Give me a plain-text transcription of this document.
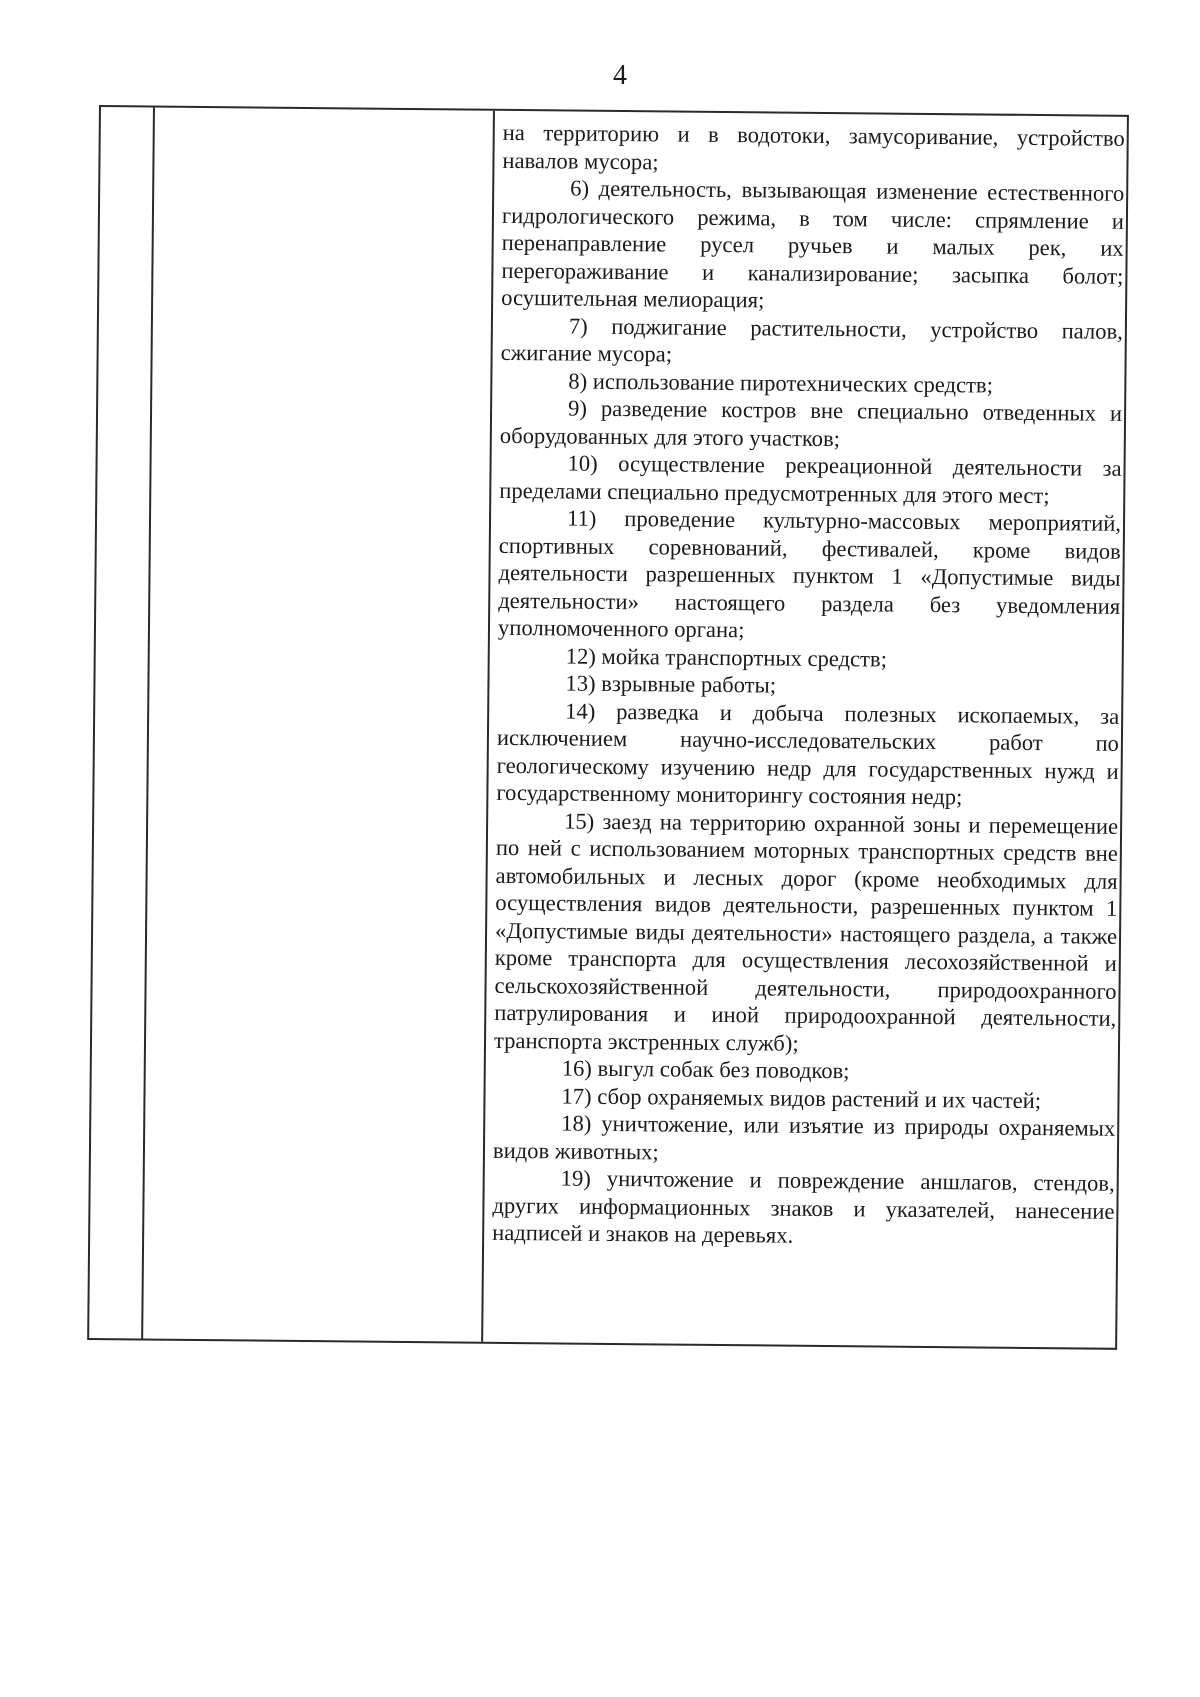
4

на территорию и в водотоки, замусоривание, устройство навалов мусора;

6) деятельность, вызывающая изменение естественного гидрологического режима, в том числе: спрямление и перенаправление русел ручьев и малых рек, их перегораживание и канализирование; засыпка болот; осушительная мелиорация;

7) поджигание растительности, устройство палов, сжигание мусора;

8) использование пиротехнических средств;

9) разведение костров вне специально отведенных и оборудованных для этого участков;

10) осуществление рекреационной деятельности за пределами специально предусмотренных для этого мест;

11) проведение культурно-массовых мероприятий, спортивных соревнований, фестивалей, кроме видов деятельности разрешенных пунктом 1 «Допустимые виды деятельности» настоящего раздела без уведомления уполномоченного органа;

12) мойка транспортных средств;

13) взрывные работы;

14) разведка и добыча полезных ископаемых, за исключением научно-исследовательских работ по геологическому изучению недр для государственных нужд и государственному мониторингу состояния недр;

15) заезд на территорию охранной зоны и перемещение по ней с использованием моторных транспортных средств вне автомобильных и лесных дорог (кроме необходимых для осуществления видов деятельности, разрешенных пунктом 1 «Допустимые виды деятельности» настоящего раздела, а также кроме транспорта для осуществления лесохозяйственной и сельскохозяйственной деятельности, природоохранного патрулирования и иной природоохранной деятельности, транспорта экстренных служб);

16) выгул собак без поводков;

17) сбор охраняемых видов растений и их частей;

18) уничтожение, или изъятие из природы охраняемых видов животных;

19) уничтожение и повреждение аншлагов, стендов, других информационных знаков и указателей, нанесение надписей и знаков на деревьях.
